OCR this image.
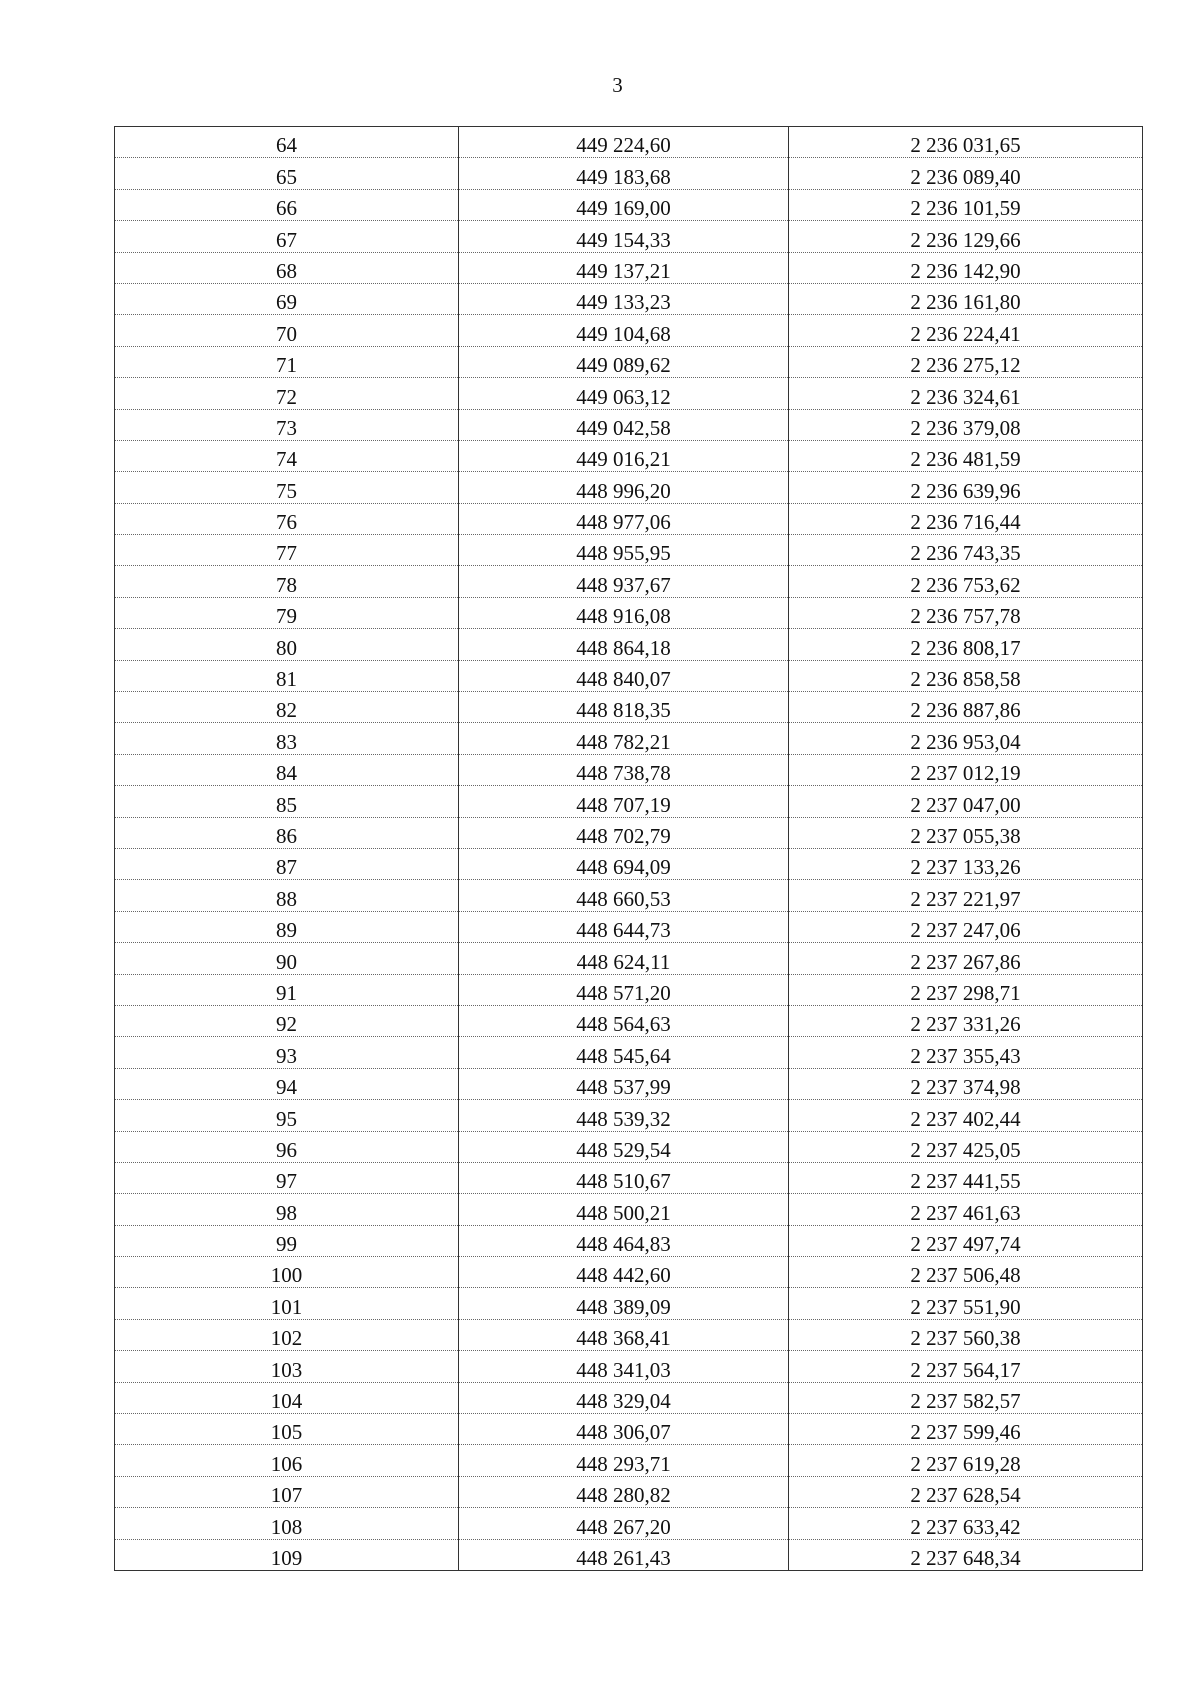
3
64	449 224,60	2 236 031,65
65	449 183,68	2 236 089,40
66	449 169,00	2 236 101,59
67	449 154,33	2 236 129,66
68	449 137,21	2 236 142,90
69	449 133,23	2 236 161,80
70	449 104,68	2 236 224,41
71	449 089,62	2 236 275,12
72	449 063,12	2 236 324,61
73	449 042,58	2 236 379,08
74	449 016,21	2 236 481,59
75	448 996,20	2 236 639,96
76	448 977,06	2 236 716,44
77	448 955,95	2 236 743,35
78	448 937,67	2 236 753,62
79	448 916,08	2 236 757,78
80	448 864,18	2 236 808,17
81	448 840,07	2 236 858,58
82	448 818,35	2 236 887,86
83	448 782,21	2 236 953,04
84	448 738,78	2 237 012,19
85	448 707,19	2 237 047,00
86	448 702,79	2 237 055,38
87	448 694,09	2 237 133,26
88	448 660,53	2 237 221,97
89	448 644,73	2 237 247,06
90	448 624,11	2 237 267,86
91	448 571,20	2 237 298,71
92	448 564,63	2 237 331,26
93	448 545,64	2 237 355,43
94	448 537,99	2 237 374,98
95	448 539,32	2 237 402,44
96	448 529,54	2 237 425,05
97	448 510,67	2 237 441,55
98	448 500,21	2 237 461,63
99	448 464,83	2 237 497,74
100	448 442,60	2 237 506,48
101	448 389,09	2 237 551,90
102	448 368,41	2 237 560,38
103	448 341,03	2 237 564,17
104	448 329,04	2 237 582,57
105	448 306,07	2 237 599,46
106	448 293,71	2 237 619,28
107	448 280,82	2 237 628,54
108	448 267,20	2 237 633,42
109	448 261,43	2 237 648,34
